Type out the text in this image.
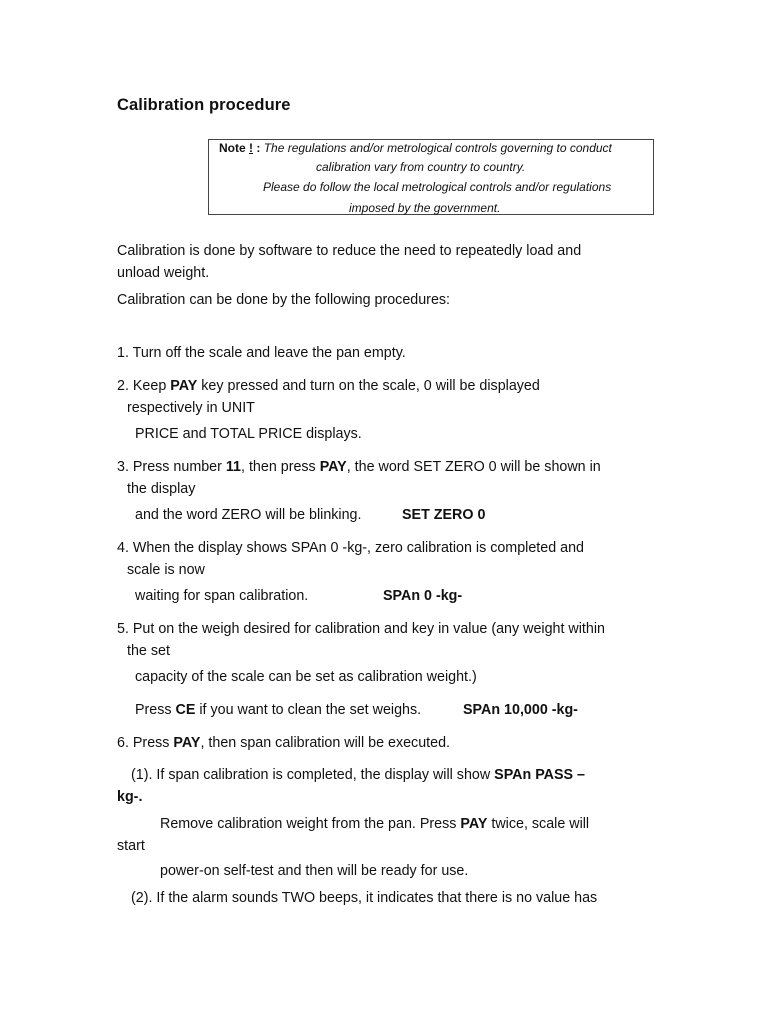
Calibration procedure
Note ! : The regulations and/or metrological controls governing to conduct
calibration vary from country to country.
Please do follow the local metrological controls and/or regulations
imposed by the government.
Calibration is done by software to reduce the need to repeatedly load and
unload weight.
Calibration can be done by the following procedures:
1. Turn off the scale and leave the pan empty.
2. Keep PAY key pressed and turn on the scale, 0 will be displayed
respectively in UNIT
PRICE and TOTAL PRICE displays.
3. Press number 11, then press PAY, the word SET ZERO 0 will be shown in
the display
and the word ZERO will be blinking.	SET ZERO 0
4. When the display shows SPAn 0 -kg-, zero calibration is completed and
scale is now
waiting for span calibration.	SPAn 0 -kg-
5. Put on the weigh desired for calibration and key in value (any weight within
the set
capacity of the scale can be set as calibration weight.)
Press CE if you want to clean the set weighs.	SPAn 10,000 -kg-
6. Press PAY, then span calibration will be executed.
(1). If span calibration is completed, the display will show SPAn PASS –
kg-.
Remove calibration weight from the pan. Press PAY twice, scale will
start
power-on self-test and then will be ready for use.
(2). If the alarm sounds TWO beeps, it indicates that there is no value has
